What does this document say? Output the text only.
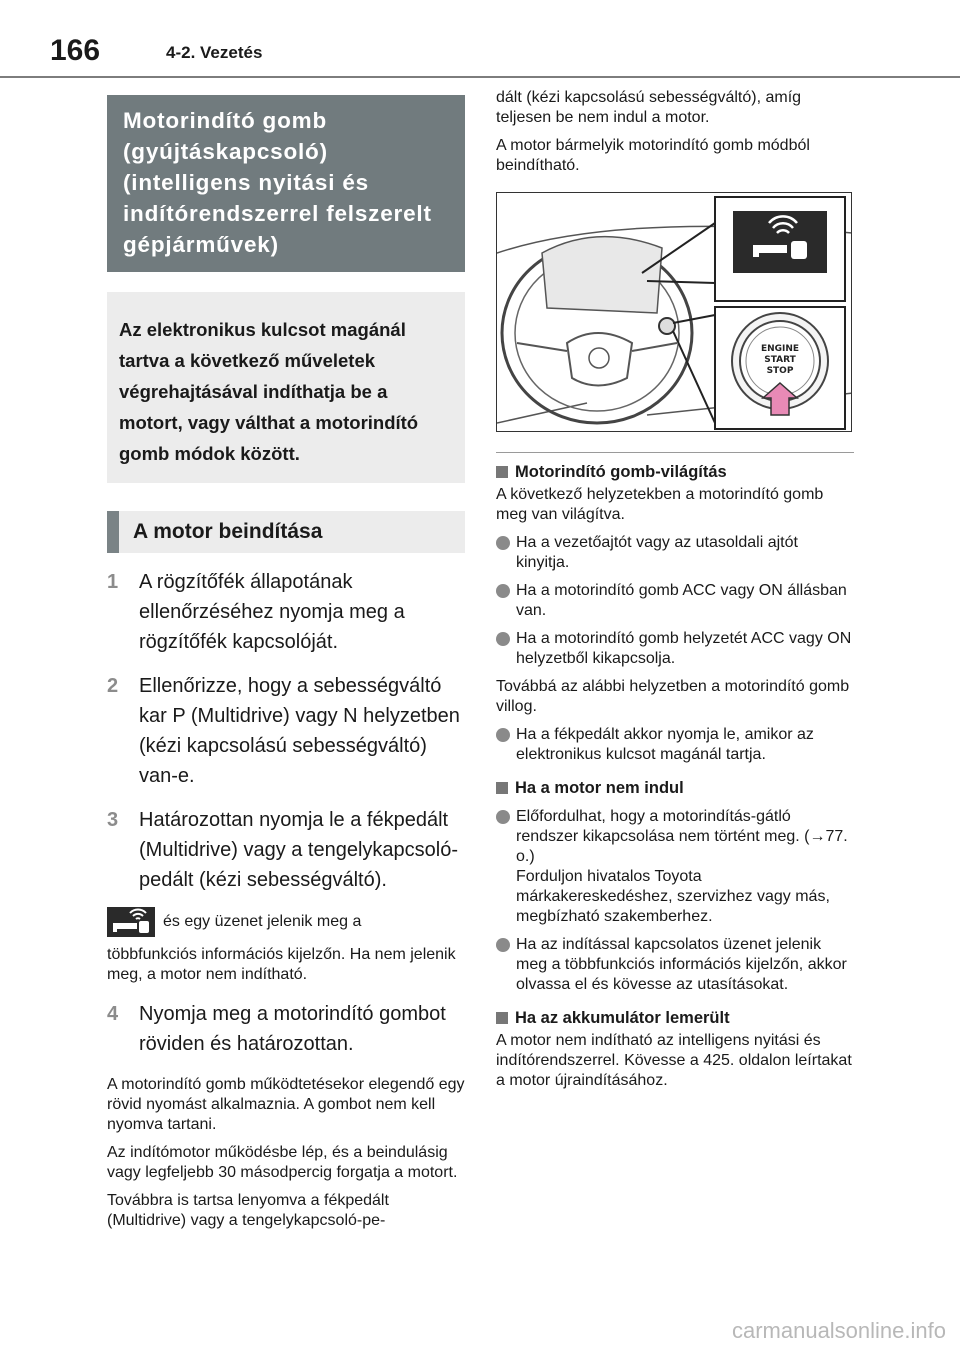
166	4-2. Vezetés
Motorindító gomb (gyújtáskapcsoló) (intelligens nyitási és indítórendszerrel felszerelt gépjárművek)
Az elektronikus kulcsot magánál tartva a következő műveletek végrehajtásával indíthatja be a motort, vagy válthat a motorindító gomb módok között.
A motor beindítása
1	A rögzítőfék állapotának ellenőrzéséhez nyomja meg a rögzítőfék kapcsolóját.
2	Ellenőrizze, hogy a sebességváltó kar P (Multidrive) vagy N helyzetben (kézi kapcsolású sebességváltó) van-e.
3	Határozottan nyomja le a fékpedált (Multidrive) vagy a tengelykapcsoló-pedált (kézi sebességváltó).
és egy üzenet jelenik meg a
többfunkciós információs kijelzőn. Ha nem jelenik meg, a motor nem indítható.
4	Nyomja meg a motorindító gombot röviden és határozottan.
A motorindító gomb működtetésekor elegendő egy rövid nyomást alkalmaznia. A gombot nem kell nyomva tartani.
Az indítómotor működésbe lép, és a beindulásig vagy legfeljebb 30 másodpercig forgatja a motort.
Továbbra is tartsa lenyomva a fékpedált (Multidrive) vagy a tengelykapcsoló-pe-
dált (kézi kapcsolású sebességváltó), amíg teljesen be nem indul a motor.
A motor bármelyik motorindító gomb módból beindítható.
ENGINE
START
STOP
Motorindító gomb-világítás
A következő helyzetekben a motorindító gomb meg van világítva.
Ha a vezetőajtót vagy az utasoldali ajtót kinyitja.
Ha a motorindító gomb ACC vagy ON állásban van.
Ha a motorindító gomb helyzetét ACC vagy ON helyzetből kikapcsolja.
Továbbá az alábbi helyzetben a motorindító gomb villog.
Ha a fékpedált akkor nyomja le, amikor az elektronikus kulcsot magánál tartja.
Ha a motor nem indul
Előfordulhat, hogy a motorindítás-gátló rendszer kikapcsolása nem történt meg. (→77. o.)
Forduljon hivatalos Toyota márkakereskedéshez, szervizhez vagy más, megbízható szakemberhez.
Ha az indítással kapcsolatos üzenet jelenik meg a többfunkciós információs kijelzőn, akkor olvassa el és kövesse az utasításokat.
Ha az akkumulátor lemerült
A motor nem indítható az intelligens nyitási és indítórendszerrel. Kövesse a 425. oldalon leírtakat a motor újraindításához.
carmanualsonline.info
